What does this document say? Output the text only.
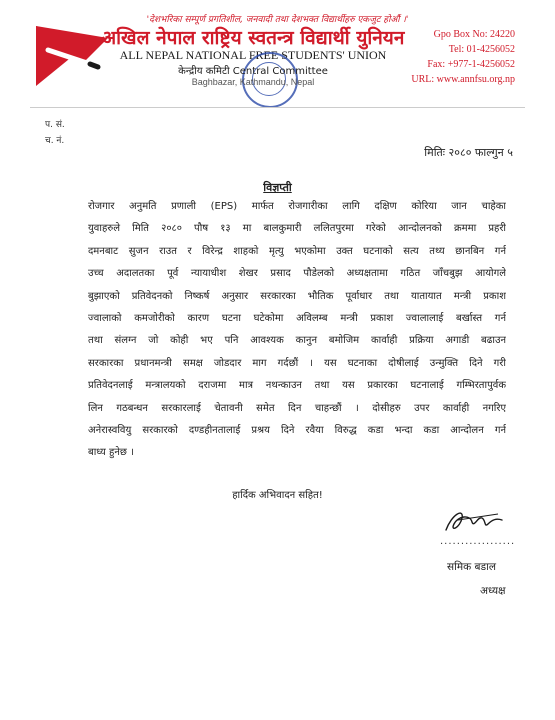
'देशभरिका सम्पूर्ण प्रगतिशील, जनवादी तथा देशभक्त विद्यार्थीहरु एकजुट होऔं ।'
अखिल नेपाल राष्ट्रिय स्वतन्त्र विद्यार्थी युनियन
ALL NEPAL NATIONAL FREE STUDENTS' UNION
केन्द्रीय कमिटी Central Committee
Baghbazar, Kathmandu, Nepal
Gpo Box No: 24220
Tel: 01-4256052
Fax: +977-1-4256052
URL: www.annfsu.org.np
प. सं.
च. नं.
मितिः २०८० फाल्गुन ५
विज्ञप्ती
रोजगार अनुमति प्रणाली (EPS) मार्फत रोजगारीका लागि दक्षिण कोरिया जान चाहेका
युवाहरुले मिति २०८० पौष १३ मा बालकुमारी ललितपुरमा गरेको आन्दोलनको क्रममा प्रहरी
दमनबाट सुजन राउत र विरेन्द्र शाहको मृत्यु भएकोमा उक्त घटनाको सत्य तथ्य छानबिन गर्न
उच्च अदालतका पूर्व न्यायाधीश शेखर प्रसाद पौडेलको अध्यक्षतामा गठित जाँचबुझ आयोगले
बुझाएको प्रतिवेदनको निष्कर्ष अनुसार सरकारका भौतिक पूर्वाधार तथा यातायात मन्त्री प्रकाश
ज्वालाको कमजोरीको कारण घटना घटेकोमा अविलम्ब मन्त्री प्रकाश ज्वालालाई बर्खास्त गर्न
तथा संलग्न जो कोही भए पनि आवश्यक कानुन बमोजिम कार्वाही प्रक्रिया अगाडी बढाउन
सरकारका प्रधानमन्त्री समक्ष जोडदार माग गर्दछौं । यस घटनाका दोषीलाई उन्मुक्ति दिने गरी
प्रतिवेदनलाई मन्त्रालयको दराजमा मात्र नथन्काउन तथा यस प्रकारका घटनालाई गम्भिरतापुर्वक
लिन गठबन्धन सरकारलाई चेतावनी समेत दिन चाहन्छौं । दोसीहरु उपर कार्वाही नगरिए
अनेरास्ववियु सरकारको दण्डहीनतालाई प्रश्रय दिने रवैया विरुद्ध कडा भन्दा कडा आन्दोलन गर्न
बाध्य हुनेछ ।
हार्दिक अभिवादन सहित!
..................
समिक बडाल
अध्यक्ष
